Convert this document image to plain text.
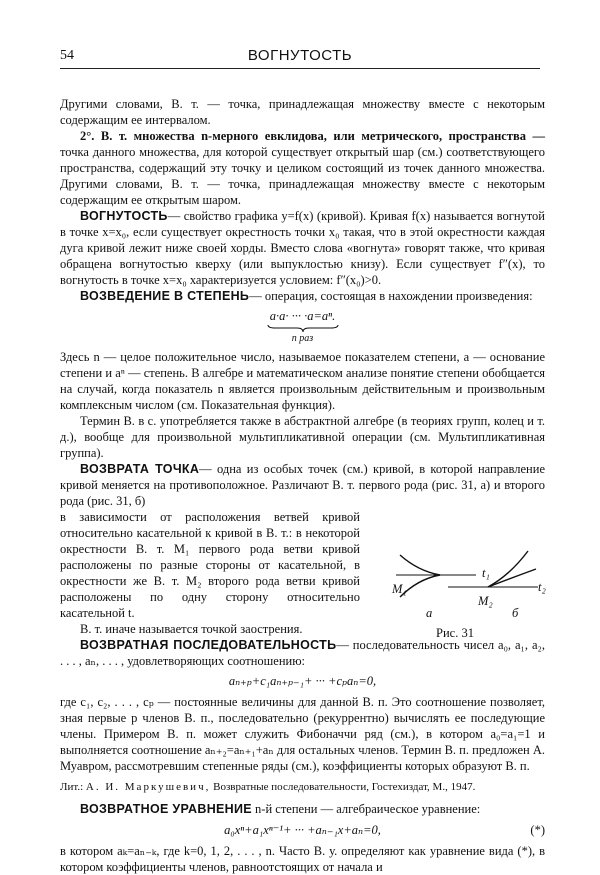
54	ВОГНУТОСТЬ

Другими словами, В. т. — точка, принадлежащая множеству вместе с некоторым содержащим ее интервалом.

2°. В. т. множества n-мерного евклидова, или метрического, пространства — точка данного множества, для которой существует открытый шар (см.) соответствующего пространства, содержащий эту точку и целиком состоящий из точек данного множества. Другими словами, В. т. — точка, принадлежащая множеству вместе с некоторым содержащим ее открытым шаром.

ВОГНУТОСТЬ— свойство графика y=f(x) (кривой). Кривая f(x) называется вогнутой в точке x=x₀, если существует окрестность точки x₀ такая, что в этой окрестности каждая дуга кривой лежит ниже своей хорды. Вместо слова «вогнута» говорят также, что кривая обращена вогнутостью кверху (или выпуклостью книзу). Если существует f″(x), то вогнутость в точке x=x₀ характеризуется условием: f″(x₀)>0.

ВОЗВЕДЕНИЕ В СТЕПЕНЬ— операция, состоящая в нахождении произведения:

a·a· ··· ·a=aⁿ.
n раз

Здесь n — целое положительное число, называемое показателем степени, a — основание степени и aⁿ — степень. В алгебре и математическом анализе понятие степени обобщается на случай, когда показатель n является произвольным действительным и произвольным комплексным числом (см. Показательная функция).

Термин В. в с. употребляется также в абстрактной алгебре (в теориях групп, колец и т. д.), вообще для произвольной мультипликативной операции (см. Мультипликативная группа).

ВОЗВРАТА ТОЧКА— одна из особых точек (см.) кривой, в которой направление кривой меняется на противоположное. Различают В. т. первого рода (рис. 31, а) и второго рода (рис. 31, б)

в зависимости от расположения ветвей кривой относительно касательной к кривой в В. т.: в некоторой окрестности В. т. M₁ первого рода ветви кривой расположены по разные стороны от касательной, в окрестности же В. т. M₂ второго рода ветви кривой расположены по одну сторону относительно касательной t.

t₁
t₂
M₁
M₂
а	б
Рис. 31

В. т. иначе называется точкой заострения.

ВОЗВРАТНАЯ ПОСЛЕДОВАТЕЛЬНОСТЬ— последовательность чисел a₀, a₁, a₂, . . . , aₙ, . . . , удовлетворяющих соотношению:

aₙ₊ₚ+c₁aₙ₊ₚ₋₁+ ··· +cₚaₙ=0,

где c₁, c₂, . . . , cₚ — постоянные величины для данной В. п. Это соотношение позволяет, зная первые p членов В. п., последовательно (рекуррентно) вычислять ее последующие члены. Примером В. п. может служить Фибоначчи ряд (см.), в котором a₀=a₁=1 и выполняется соотношение aₙ₊₂=aₙ₊₁+aₙ для остальных членов. Термин В. п. предложен А. Муавром, рассмотревшим степенные ряды (см.), коэффициенты которых образуют В. п.

Лит.: А. И. Маркушевич, Возвратные последовательности, Гостехиздат, М., 1947.

ВОЗВРАТНОЕ УРАВНЕНИЕ n-й степени — алгебраическое уравнение:

a₀xⁿ+a₁xⁿ⁻¹+ ··· +aₙ₋₁x+aₙ=0,	(*)

в котором aₖ=aₙ₋ₖ, где k=0, 1, 2, . . . , n. Часто В. у. определяют как уравнение вида (*), в котором коэффициенты членов, равноотстоящих от начала и
